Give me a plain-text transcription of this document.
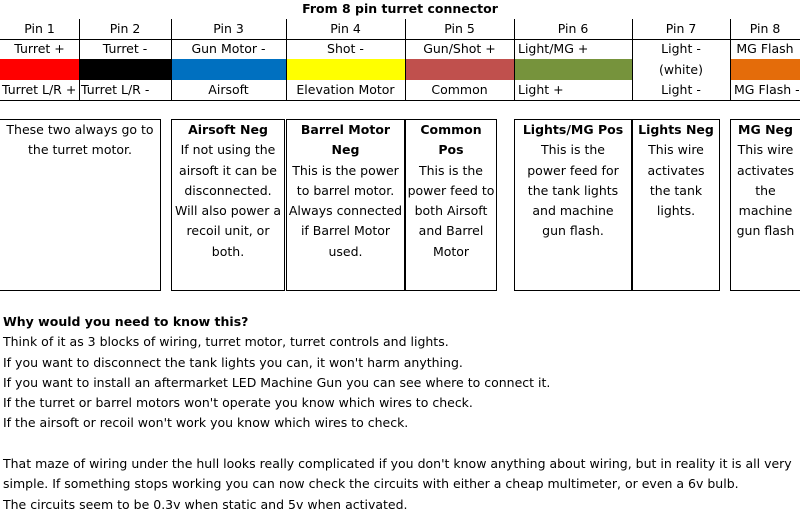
From 8 pin turret connector
Pin 1
Turret +
Turret L/R +
Pin 2
Turret -
Turret L/R -
Pin 3
Gun Motor -
Airsoft
Pin 4
Shot -
Elevation Motor
Pin 5
Gun/Shot +
Common
Pin 6
Light/MG +
Light +
Pin 7
Light -
(white)
Light -
Pin 8
MG Flash
MG Flash -
These two always go to
the turret motor.
Airsoft Neg
If not using the
airsoft it can be
disconnected.
Will also power a
recoil unit, or
both.
Barrel Motor Neg
This is the power
to barrel motor.
Always connected
if Barrel Motor
used.
Common Pos
This is the
power feed to
both Airsoft
and Barrel
Motor
Lights/MG Pos
This is the
power feed for
the tank lights
and machine
gun flash.
Lights Neg
This wire
activates
the tank
lights.
MG Neg
This wire
activates
the
machine
gun flash

Why would you need to know this?

Think of it as 3 blocks of wiring, turret motor, turret controls and lights.

If you want to disconnect the tank lights you can, it won't harm anything.

If you want to install an aftermarket LED Machine Gun you can see where to connect it.

If the turret or barrel motors won't operate you know which wires to check.

If the airsoft or recoil won't work you know which wires to check.

That maze of wiring under the hull looks really complicated if you don't know anything about wiring, but in reality it is all very

simple. If something stops working you can now check the circuits with either a cheap multimeter, or even a 6v bulb.

The circuits seem to be 0.3v when static and 5v when activated.
